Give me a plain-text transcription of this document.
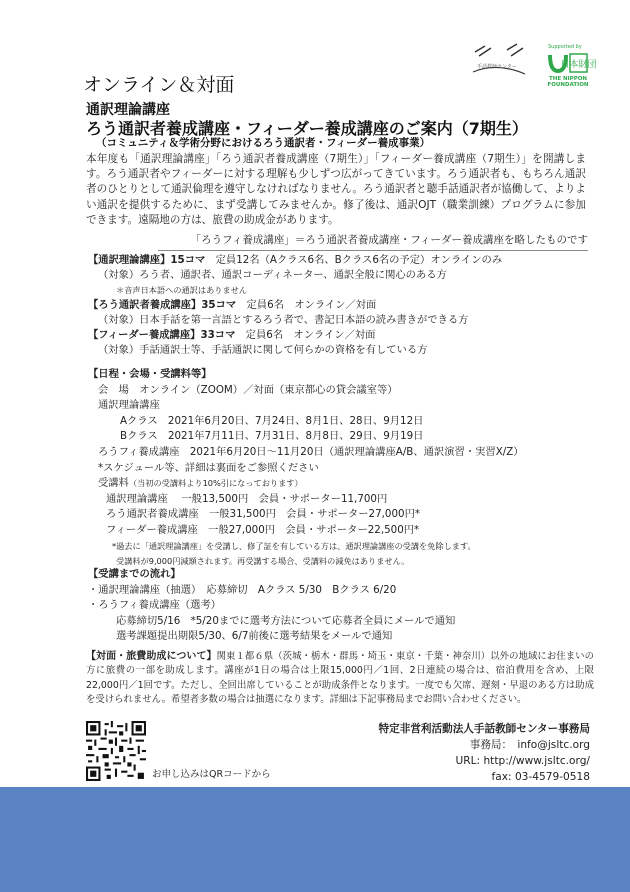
手話教師センター
Supported by
日本財団
THE NIPPON FOUNDATION
オンライン＆対面
通訳理論講座
ろう通訳者養成講座・フィーダー養成講座のご案内（7期生）
（コミュニティ＆学術分野におけるろう通訳者・フィーダー養成事業）
本年度も「通訳理論講座」「ろう通訳者養成講座（7期生）」「フィーダー養成講座（7期生）」を開講します。ろう通訳者やフィーダーに対する理解も少しずつ広がってきています。ろう通訳者も、もちろん通訳者のひとりとして通訳倫理を遵守しなければなりません。ろう通訳者と聴手話通訳者が協働して、よりよい通訳を提供するために、まず受講してみませんか。修了後は、通訳OJT（職業訓練）プログラムに参加できます。遠隔地の方は、旅費の助成金があります。
「ろうフィ養成講座」＝ろう通訳者養成講座・フィーダー養成講座を略したものです
【通訳理論講座】15コマ　定員12名（Aクラス6名、Bクラス6名の予定）オンラインのみ
（対象）ろう者、通訳者、通訳コーディネーター、通訳全般に関心のある方
＊音声日本語への通訳はありません
【ろう通訳者養成講座】35コマ　定員6名　オンライン／対面
（対象）日本手話を第一言語とするろう者で、書記日本語の読み書きができる方
【フィーダー養成講座】33コマ　定員6名　オンライン／対面
（対象）手話通訳士等、手話通訳に関して何らかの資格を有している方
【日程・会場・受講料等】
会　場　オンライン（ZOOM）／対面（東京都心の貸会議室等）
通訳理論講座
Aクラス　2021年6月20日、7月24日、8月1日、28日、9月12日
Bクラス　2021年7月11日、7月31日、8月8日、29日、9月19日
ろうフィ養成講座　2021年6月20日～11月20日（通訳理論講座A/B、通訳演習・実習X/Z）
*スケジュール等、詳細は裏面をご参照ください
受講料（当初の受講料より10%引になっております）
通訳理論講座　 一般13,500円　会員・サポーター11,700円
ろう通訳者養成講座　一般31,500円　会員・サポーター27,000円*
フィーダー養成講座　一般27,000円　会員・サポーター22,500円*
*過去に「通訳理論講座」を受講し、修了証を有している方は、通訳理論講座の受講を免除します。
受講料が9,000円減額されます。再受講する場合、受講料の減免はありません。
【受講までの流れ】
・通訳理論講座（抽選）　応募締切　Aクラス 5/30　Bクラス 6/20
・ろうフィ養成講座（選考）
応募締切5/16　*5/20までに選考方法について応募者全員にメールで通知
選考課題提出期限5/30、6/7前後に選考結果をメールで通知
【対面・旅費助成について】関東１都６県（茨城・栃木・群馬・埼玉・東京・千葉・神奈川）以外の地域にお住まいの方に旅費の一部を助成します。講座が1日の場合は上限15,000円／1回、2日連続の場合は、宿泊費用を含め、上限22,000円／1回です。ただし、全回出席していることが助成条件となります。一度でも欠席、遅刻・早退のある方は助成を受けられません。希望者多数の場合は抽選になります。詳細は下記事務局までお問い合わせください。
お申し込みはQRコードから
特定非営利活動法人手話教師センター事務局
事務局：　info@jsltc.org
URL: http://www.jsltc.org/
fax: 03-4579-0518
